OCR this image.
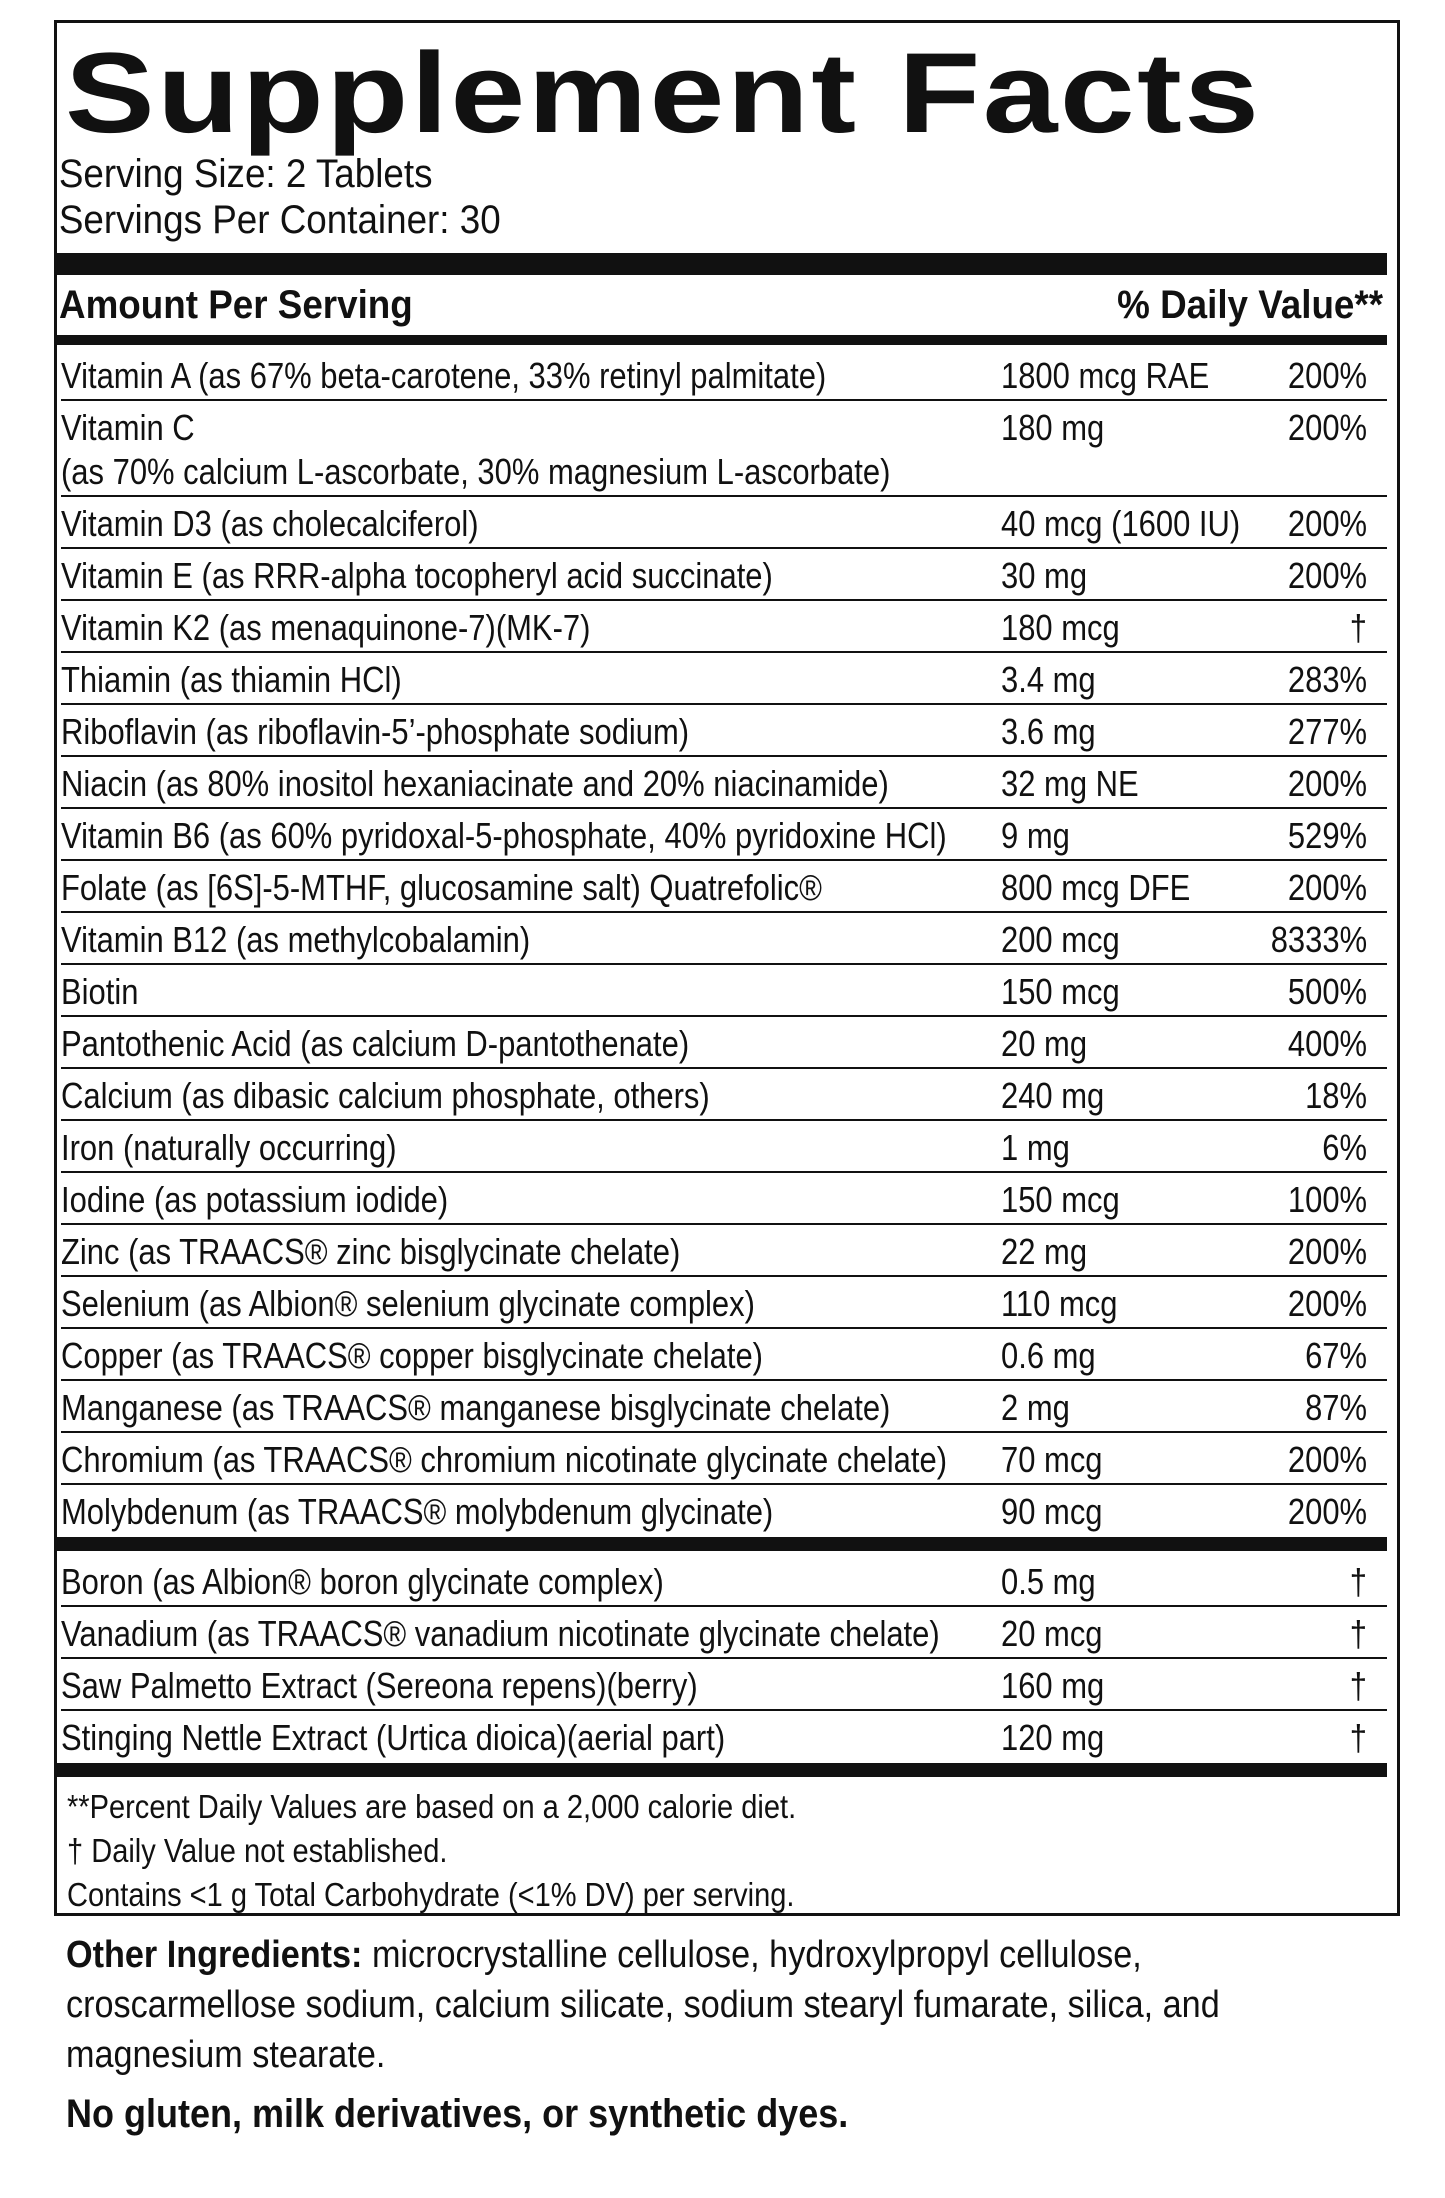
Supplement Facts
Serving Size: 2 Tablets
Servings Per Container: 30
Amount Per Serving	% Daily Value**
Vitamin A (as 67% beta-carotene, 33% retinyl palmitate)	1800 mcg RAE 200%
Vitamin C
(as 70% calcium L-ascorbate, 30% magnesium L-ascorbate)
180 mg	200%
Vitamin D3 (as cholecalciferol)	40 mcg (1600 IU) 200%
Vitamin E (as RRR-alpha tocopheryl acid succinate)	30 mg	200%
Vitamin K2 (as menaquinone-7)(MK-7)	180 mcg	†
Thiamin (as thiamin HCl)	3.4 mg	283%
Riboflavin (as riboflavin-5’-phosphate sodium)	3.6 mg	277%
Niacin (as 80% inositol hexaniacinate and 20% niacinamide)	32 mg NE	200%
Vitamin B6 (as 60% pyridoxal-5-phosphate, 40% pyridoxine HCl) 9 mg	529%
Folate (as [6S]-5-MTHF, glucosamine salt) Quatrefolic®	800 mcg DFE	200%
Vitamin B12 (as methylcobalamin)	200 mcg	8333%
Biotin	150 mcg	500%
Pantothenic Acid (as calcium D-pantothenate)	20 mg	400%
Calcium (as dibasic calcium phosphate, others)	240 mg	18%
Iron (naturally occurring)	1 mg	6%
Iodine (as potassium iodide)	150 mcg	100%
Zinc (as TRAACS® zinc bisglycinate chelate)	22 mg	200%
Selenium (as Albion® selenium glycinate complex)	110 mcg	200%
Copper (as TRAACS® copper bisglycinate chelate)	0.6 mg	67%
Manganese (as TRAACS® manganese bisglycinate chelate)	2 mg	87%
Chromium (as TRAACS® chromium nicotinate glycinate chelate) 70 mcg	200%
Molybdenum (as TRAACS® molybdenum glycinate)	90 mcg	200%
Boron (as Albion® boron glycinate complex)	0.5 mg	†
Vanadium (as TRAACS® vanadium nicotinate glycinate chelate) 20 mcg	†
Saw Palmetto Extract (Sereona repens)(berry)	160 mg	†
Stinging Nettle Extract (Urtica dioica)(aerial part)	120 mg	†
**Percent Daily Values are based on a 2,000 calorie diet.
† Daily Value not established.
Contains <1 g Total Carbohydrate (<1% DV) per serving.
Other Ingredients: microcrystalline cellulose, hydroxylpropyl cellulose,
croscarmellose sodium, calcium silicate, sodium stearyl fumarate, silica, and
magnesium stearate.
No gluten, milk derivatives, or synthetic dyes.
